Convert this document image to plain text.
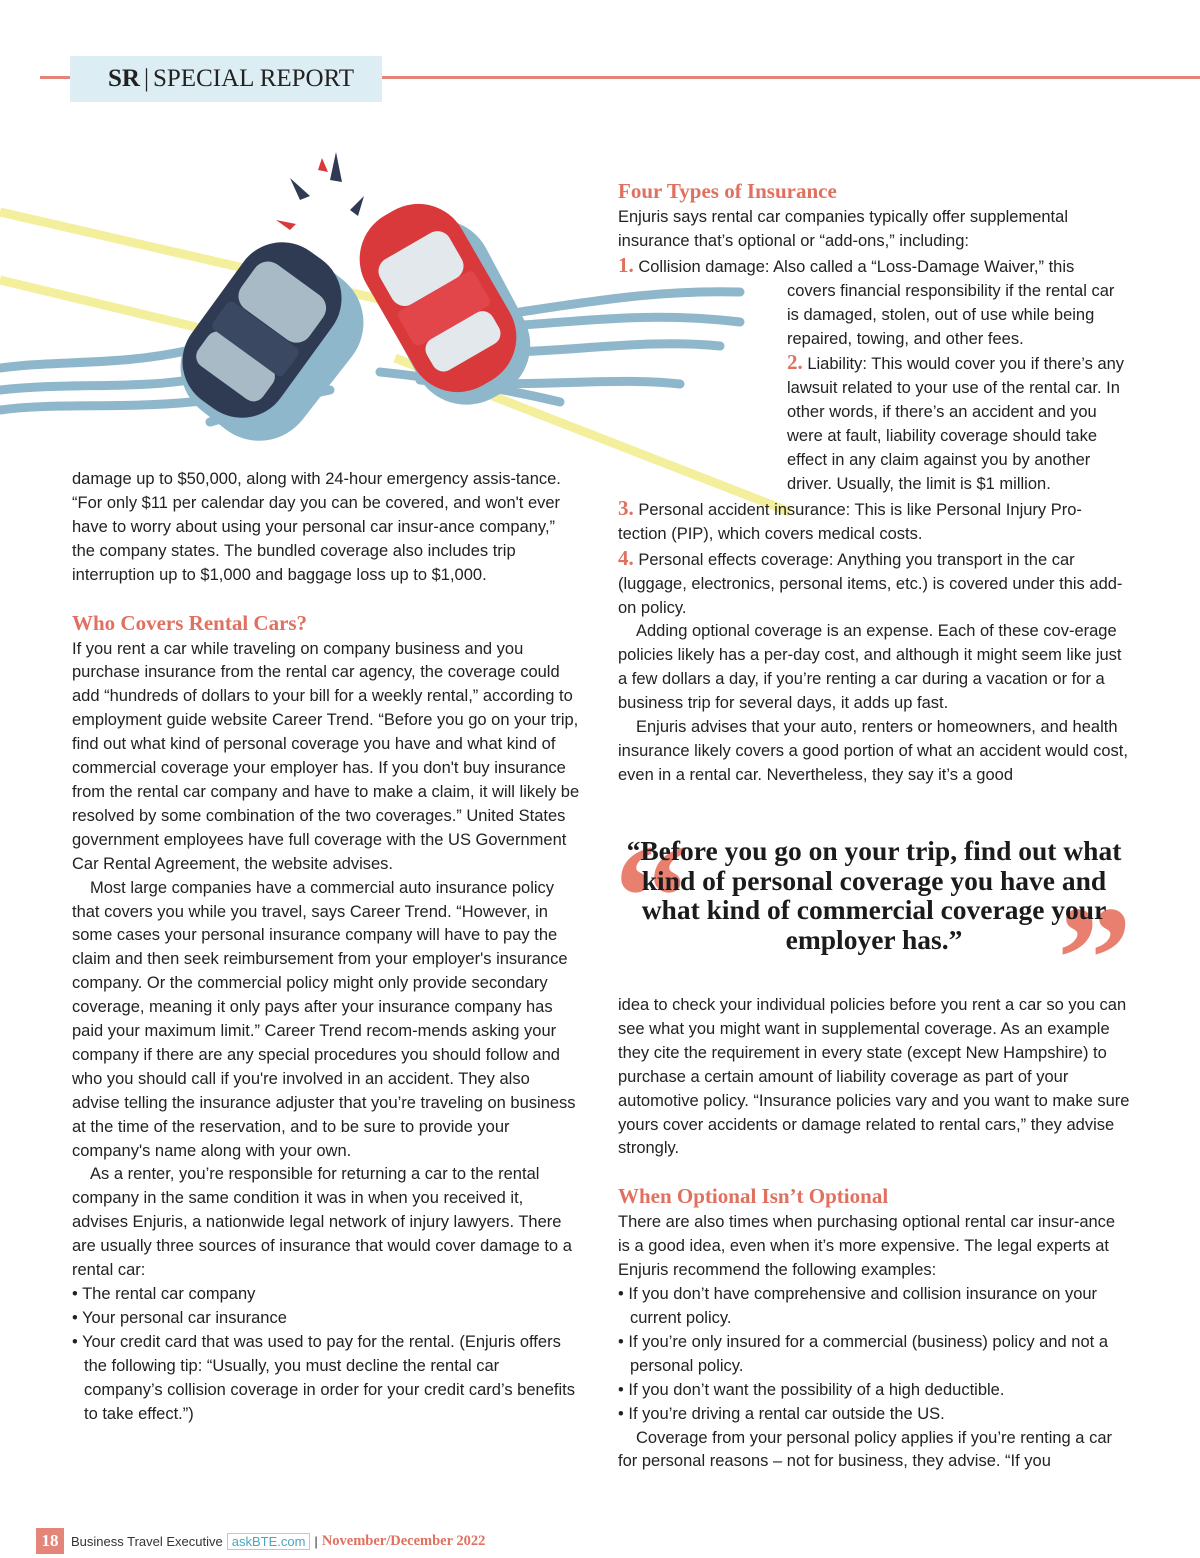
SR | SPECIAL REPORT

damage up to $50,000, along with 24-hour emergency assis-tance. “For only $11 per calendar day you can be covered, and won't ever have to worry about using your personal car insur-ance company,” the company states. The bundled coverage also includes trip interruption up to $1,000 and baggage loss up to $1,000.

Who Covers Rental Cars?

If you rent a car while traveling on company business and you purchase insurance from the rental car agency, the coverage could add “hundreds of dollars to your bill for a weekly rental,” according to employment guide website Career Trend. “Before you go on your trip, find out what kind of personal coverage you have and what kind of commercial coverage your employer has. If you don't buy insurance from the rental car company and have to make a claim, it will likely be resolved by some combination of the two coverages.” United States government employees have full coverage with the US Government Car Rental Agreement, the website advises.

Most large companies have a commercial auto insurance policy that covers you while you travel, says Career Trend. “However, in some cases your personal insurance company will have to pay the claim and then seek reimbursement from your employer's insurance company. Or the commercial policy might only provide secondary coverage, meaning it only pays after your insurance company has paid your maximum limit.” Career Trend recom-mends asking your company if there are any special procedures you should follow and who you should call if you're involved in an accident. They also advise telling the insurance adjuster that you’re traveling on business at the time of the reservation, and to be sure to provide your company's name along with your own.

As a renter, you’re responsible for returning a car to the rental company in the same condition it was in when you received it, advises Enjuris, a nationwide legal network of injury lawyers. There are usually three sources of insurance that would cover damage to a rental car:

• The rental car company

• Your personal car insurance

• Your credit card that was used to pay for the rental. (Enjuris offers the following tip: “Usually, you must decline the rental car company’s collision coverage in order for your credit card’s benefits to take effect.”)

Four Types of Insurance

Enjuris says rental car companies typically offer supplemental insurance that’s optional or “add-ons,” including:

1. Collision damage: Also called a “Loss-Damage Waiver,” this

covers financial responsibility if the rental car is damaged, stolen, out of use while being repaired, towing, and other fees.

2. Liability: This would cover you if there’s any lawsuit related to your use of the rental car. In other words, if there’s an accident and you were at fault, liability coverage should take effect in any claim against you by another driver. Usually, the limit is $1 million.

3. Personal accident insurance: This is like Personal Injury Pro-tection (PIP), which covers medical costs.

4. Personal effects coverage: Anything you transport in the car (luggage, electronics, personal items, etc.) is covered under this add-on policy.

Adding optional coverage is an expense. Each of these cov-erage policies likely has a per-day cost, and although it might seem like just a few dollars a day, if you’re renting a car during a vacation or for a business trip for several days, it adds up fast.

Enjuris advises that your auto, renters or homeowners, and health insurance likely covers a good portion of what an accident would cost, even in a rental car. Nevertheless, they say it’s a good

“
“Before you go on your trip, find out what kind of personal coverage you have and what kind of commercial coverage your employer has.” ”

idea to check your individual policies before you rent a car so you can see what you might want in supplemental coverage. As an example they cite the requirement in every state (except New Hampshire) to purchase a certain amount of liability coverage as part of your automotive policy. “Insurance policies vary and you want to make sure yours cover accidents or damage related to rental cars,” they advise strongly.

When Optional Isn’t Optional

There are also times when purchasing optional rental car insur-ance is a good idea, even when it’s more expensive. The legal experts at Enjuris recommend the following examples:

• If you don’t have comprehensive and collision insurance on your current policy.

• If you’re only insured for a commercial (business) policy and not a personal policy.

• If you don’t want the possibility of a high deductible.

• If you’re driving a rental car outside the US.

Coverage from your personal policy applies if you’re renting a car for personal reasons – not for business, they advise. “If you

18 Business Travel Executive askBTE.com | November/December 2022
